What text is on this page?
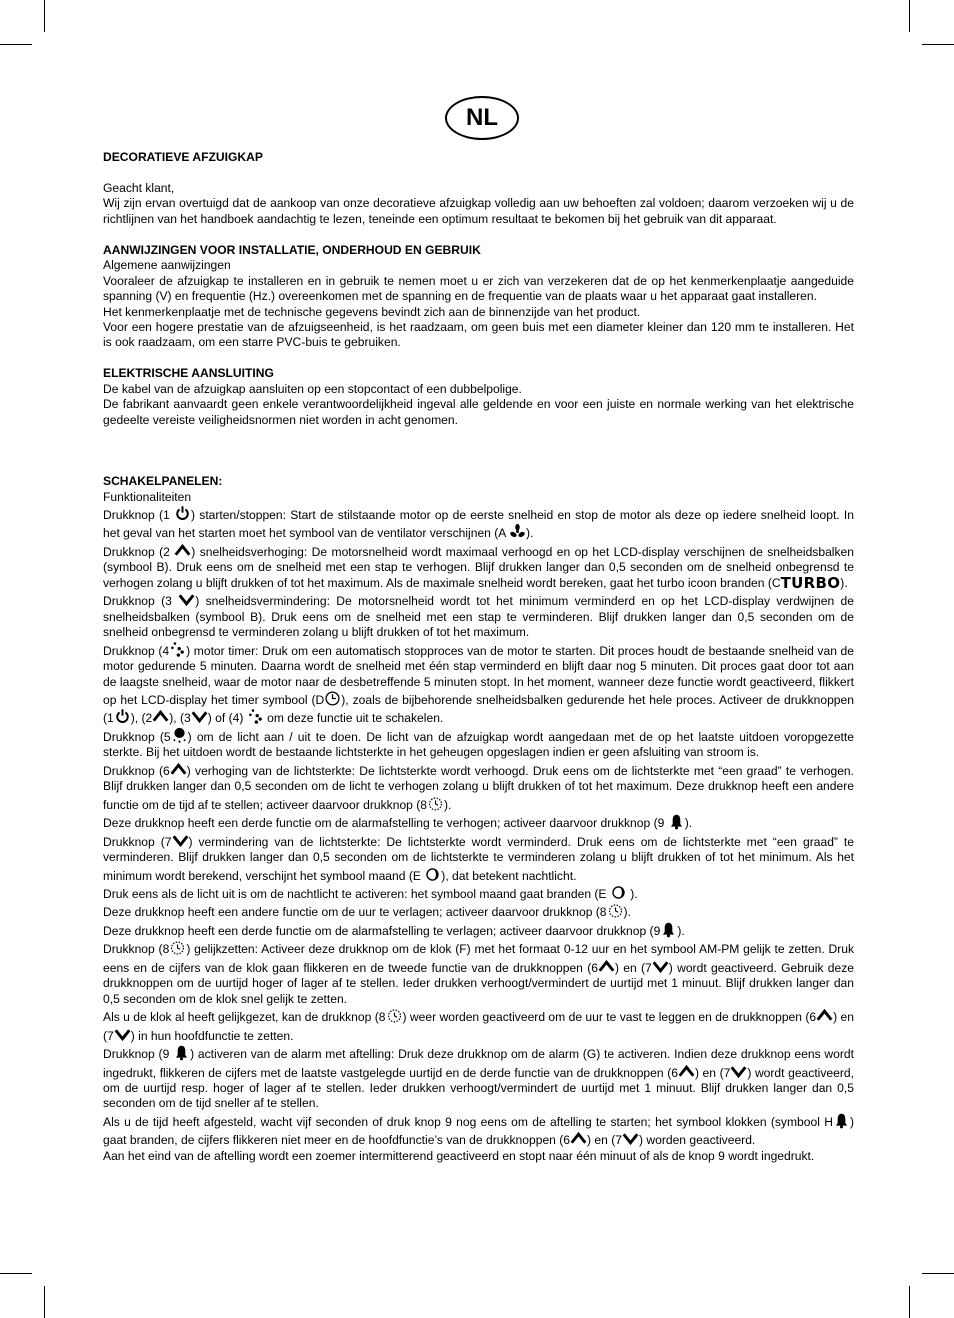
NL

DECORATIEVE AFZUIGKAP

Geacht klant,

Wij zijn ervan overtuigd dat de aankoop van onze decoratieve afzuigkap volledig aan uw behoeften zal voldoen; daarom verzoeken wij u de richtlijnen van het handboek aandachtig te lezen, teneinde een optimum resultaat te bekomen bij het gebruik van dit apparaat.

AANWIJZINGEN VOOR INSTALLATIE, ONDERHOUD EN GEBRUIK

Algemene aanwijzingen

Vooraleer de afzuigkap te installeren en in gebruik te nemen moet u er zich van verzekeren dat de op het kenmerkenplaatje aangeduide spanning (V) en frequentie (Hz.) overeenkomen met de spanning en de frequentie van de plaats waar u het apparaat gaat installeren.

Het kenmerkenplaatje met de technische gegevens bevindt zich aan de binnenzijde van het product.

Voor een hogere prestatie van de afzuigseenheid, is het raadzaam, om geen buis met een diameter kleiner dan 120 mm te installeren. Het is ook raadzaam, om een starre PVC-buis te gebruiken.

ELEKTRISCHE AANSLUITING

De kabel van de afzuigkap aansluiten op een stopcontact of een dubbelpolige.

De fabrikant aanvaardt geen enkele verantwoordelijkheid ingeval alle geldende en voor een juiste en normale werking van het elektrische gedeelte vereiste veiligheidsnormen niet worden in acht genomen.

SCHAKELPANELEN:

Funktionaliteiten

Drukknop (1
) starten/stoppen: Start de stilstaande motor op de eerste snelheid en stop de motor als deze op iedere snelheid loopt. In het geval van het starten moet het symbool van de ventilator verschijnen (A
).

Drukknop (2
) snelheidsverhoging: De motorsnelheid wordt maximaal verhoogd en op het LCD-display verschijnen de snelheidsbalken (symbool B). Druk eens om de snelheid met een stap te verhogen. Blijf drukken langer dan 0,5 seconden om de snelheid onbegrensd te verhogen zolang u blijft drukken of tot het maximum. Als de maximale snelheid wordt bereken, gaat het turbo icoon branden (CTURBO).

Drukknop (3
) snelheidsvermindering: De motorsnelheid wordt tot het minimum verminderd en op het LCD-display verdwijnen de snelheidsbalken (symbool B). Druk eens om de snelheid met een stap te verminderen. Blijf drukken langer dan 0,5 seconden om de snelheid onbegrensd te verminderen zolang u blijft drukken of tot het maximum.

Drukknop (4 ) motor timer: Druk om een automatisch stopproces van de motor te starten. Dit proces houdt de bestaande snelheid van de motor gedurende 5 minuten. Daarna wordt de snelheid met één stap verminderd en blijft daar nog 5 minuten. Dit proces gaat door tot aan de laagste snelheid, waar de motor naar de desbetreffende 5 minuten stopt. In het moment, wanneer deze functie wordt geactiveerd, flikkert op het LCD-display het timer symbool (D ), zoals de bijbehorende snelheidsbalken gedurende het hele proces. Activeer de drukknoppen (1 ), (2 ), (3 ) of (4)
om deze functie uit te schakelen.

Drukknop (5 ) om de licht aan / uit te doen. De licht van de afzuigkap wordt aangedaan met de op het laatste uitdoen voropgezette sterkte. Bij het uitdoen wordt de bestaande lichtsterkte in het geheugen opgeslagen indien er geen afsluiting van stroom is.

Drukknop (6 ) verhoging van de lichtsterkte: De lichtsterkte wordt verhoogd. Druk eens om de lichtsterkte met “een graad” te verhogen. Blijf drukken langer dan 0,5 seconden om de licht te verhogen zolang u blijft drukken of tot het maximum. Deze drukknop heeft een andere functie om de tijd af te stellen; activeer daarvoor drukknop (8 ).

Deze drukknop heeft een derde functie om de alarmafstelling te verhogen; activeer daarvoor drukknop (9
).

Drukknop (7 ) vermindering van de lichtsterkte: De lichtsterkte wordt verminderd. Druk eens om de lichtsterkte met “een graad” te verminderen. Blijf drukken langer dan 0,5 seconden om de lichtsterkte te verminderen zolang u blijft drukken of tot het minimum. Als het minimum wordt berekend, verschijnt het symbool maand (E
), dat betekent nachtlicht.

Druk eens als de licht uit is om de nachtlicht te activeren: het symbool maand gaat branden (E
).

Deze drukknop heeft een andere functie om de uur te verlagen; activeer daarvoor drukknop (8 ).

Deze drukknop heeft een derde functie om de alarmafstelling te verlagen; activeer daarvoor drukknop (9 ).

Drukknop (8 ) gelijkzetten: Activeer deze drukknop om de klok (F) met het formaat 0-12 uur en het symbool AM-PM gelijk te zetten. Druk eens en de cijfers van de klok gaan flikkeren en de tweede functie van de drukknoppen (6 ) en (7 ) wordt geactiveerd. Gebruik deze drukknoppen om de uurtijd hoger of lager af te stellen. Ieder drukken verhoogt/vermindert de uurtijd met 1 minuut. Blijf drukken langer dan 0,5 seconden om de klok snel gelijk te zetten.

Als u de klok al heeft gelijkgezet, kan de drukknop (8 ) weer worden geactiveerd om de uur te vast te leggen en de drukknoppen (6 ) en (7 ) in hun hoofdfunctie te zetten.

Drukknop (9
) activeren van de alarm met aftelling: Druk deze drukknop om de alarm (G) te activeren. Indien deze drukknop eens wordt ingedrukt, flikkeren de cijfers met de laatste vastgelegde uurtijd en de derde functie van de drukknoppen (6 ) en (7 ) wordt geactiveerd, om de uurtijd resp. hoger of lager af te stellen. Ieder drukken verhoogt/vermindert de uurtijd met 1 minuut. Blijf drukken langer dan 0,5 seconden om de tijd sneller af te stellen.

Als u de tijd heeft afgesteld, wacht vijf seconden of druk knop 9 nog eens om de aftelling te starten; het symbool klokken (symbool H ) gaat branden, de cijfers flikkeren niet meer en de hoofdfunctie’s van de drukknoppen (6 ) en (7 ) worden geactiveerd.

Aan het eind van de aftelling wordt een zoemer intermitterend geactiveerd en stopt naar één minuut of als de knop 9 wordt ingedrukt.
